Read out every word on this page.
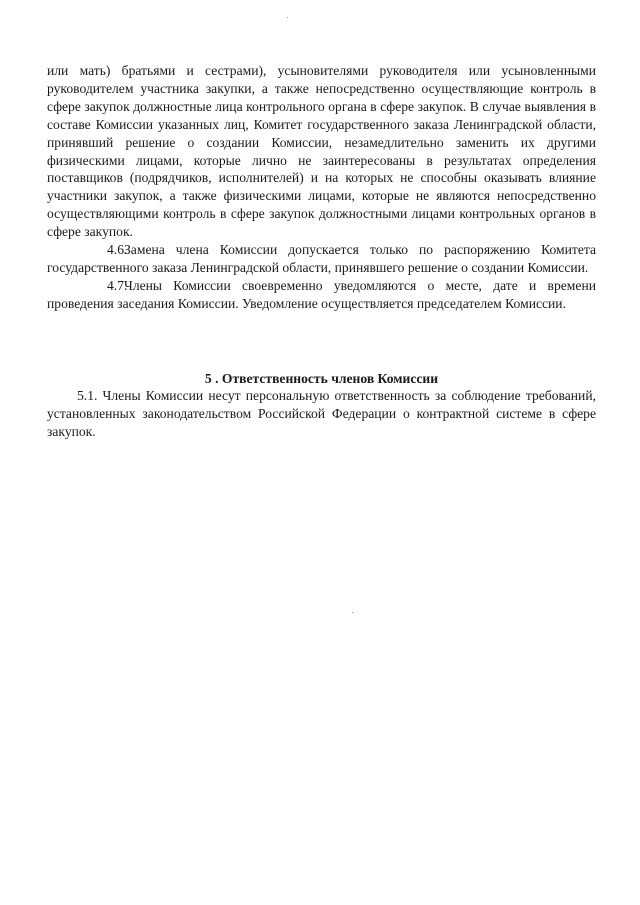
или мать) братьями и сестрами), усыновителями руководителя или усыновленными руководителем участника закупки, а также непосредственно осуществляющие контроль в сфере закупок должностные лица контрольного органа в сфере закупок. В случае выявления в составе Комиссии указанных лиц, Комитет государственного заказа Ленинградской области, принявший решение о создании Комиссии, незамедлительно заменить их другими физическими лицами, которые лично не заинтересованы в результатах определения поставщиков (подрядчиков, исполнителей) и на которых не способны оказывать влияние участники закупок, а также физическими лицами, которые не являются непосредственно осуществляющими контроль в сфере закупок должностными лицами контрольных органов в сфере закупок.

4.6.Замена члена Комиссии допускается только по распоряжению Комитета государственного заказа Ленинградской области, принявшего решение о создании Комиссии.

4.7.Члены Комиссии своевременно уведомляются о месте, дате и времени проведения заседания Комиссии. Уведомление осуществляется председателем Комиссии.

5 . Ответственность членов Комиссии

5.1. Члены Комиссии несут персональную ответственность за соблюдение требований, установленных законодательством Российской Федерации о контрактной системе в сфере закупок.
